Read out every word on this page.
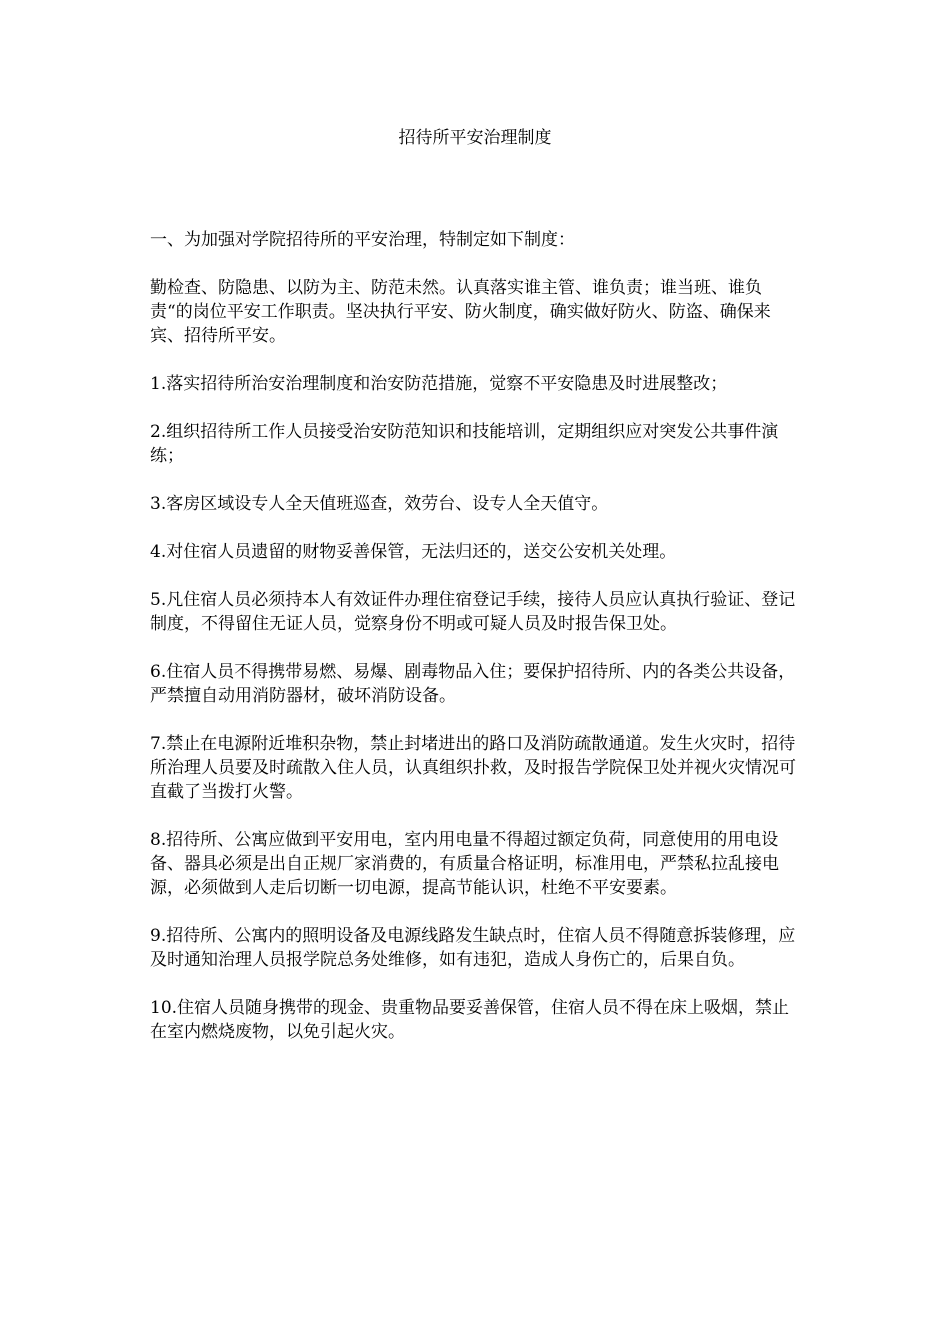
招待所平安治理制度

一、为加强对学院招待所的平安治理，特制定如下制度：

勤检查、防隐患、以防为主、防范未然。认真落实谁主管、谁负责；谁当班、谁负责“的岗位平安工作职责。坚决执行平安、防火制度，确实做好防火、防盗、确保来宾、招待所平安。

1.落实招待所治安治理制度和治安防范措施，觉察不平安隐患及时进展整改；

2.组织招待所工作人员接受治安防范知识和技能培训，定期组织应对突发公共事件演练；

3.客房区域设专人全天值班巡查，效劳台、设专人全天值守。

4.对住宿人员遗留的财物妥善保管，无法归还的，送交公安机关处理。

5.凡住宿人员必须持本人有效证件办理住宿登记手续，接待人员应认真执行验证、登记制度，不得留住无证人员，觉察身份不明或可疑人员及时报告保卫处。

6.住宿人员不得携带易燃、易爆、剧毒物品入住；要保护招待所、内的各类公共设备，严禁擅自动用消防器材，破坏消防设备。

7.禁止在电源附近堆积杂物，禁止封堵进出的路口及消防疏散通道。发生火灾时，招待所治理人员要及时疏散入住人员，认真组织扑救，及时报告学院保卫处并视火灾情况可直截了当拨打火警。

8.招待所、公寓应做到平安用电，室内用电量不得超过额定负荷，同意使用的用电设备、器具必须是出自正规厂家消费的，有质量合格证明，标准用电，严禁私拉乱接电源，必须做到人走后切断一切电源，提高节能认识，杜绝不平安要素。

9.招待所、公寓内的照明设备及电源线路发生缺点时，住宿人员不得随意拆装修理，应及时通知治理人员报学院总务处维修，如有违犯，造成人身伤亡的，后果自负。

10.住宿人员随身携带的现金、贵重物品要妥善保管，住宿人员不得在床上吸烟，禁止在室内燃烧废物，以免引起火灾。
